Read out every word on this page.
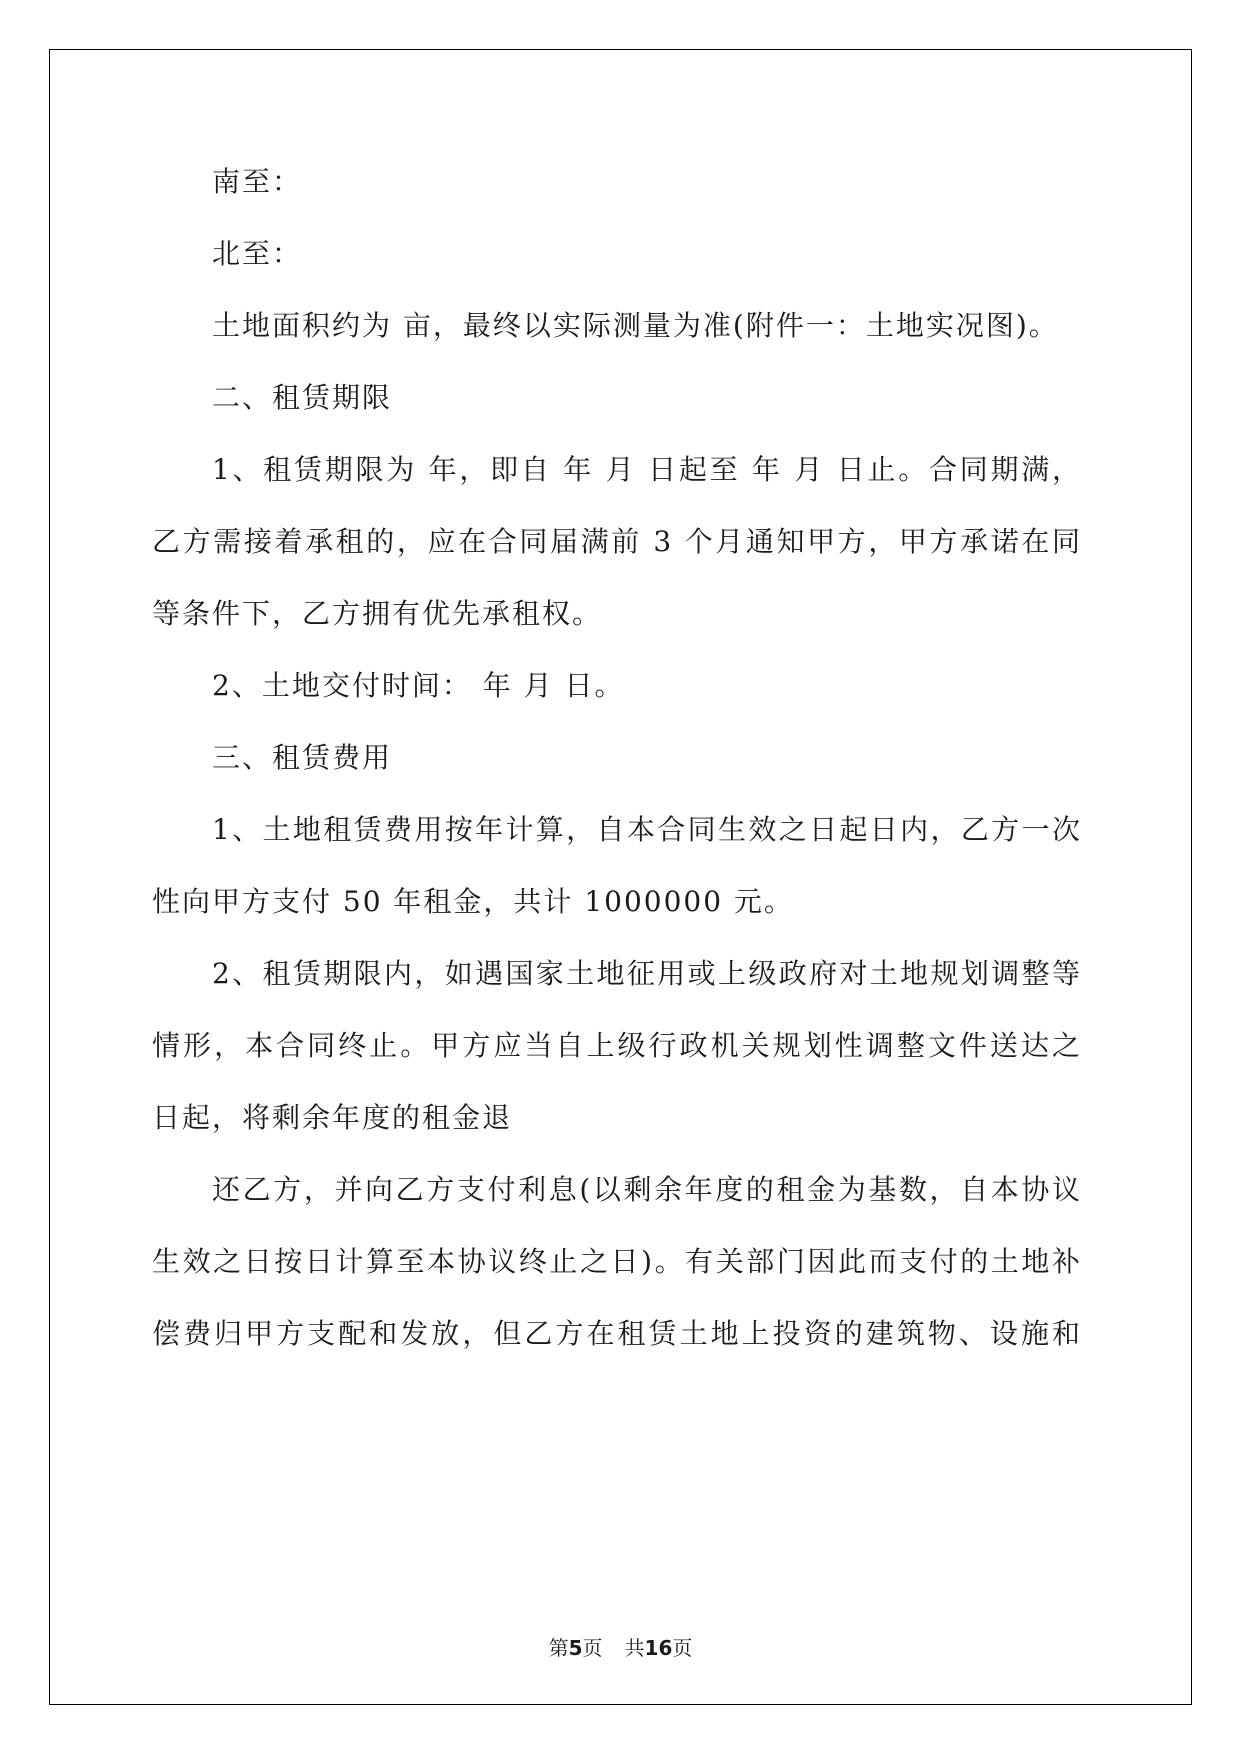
南至：
北至：
土地面积约为 亩，最终以实际测量为准(附件一：土地实况图)。
二、租赁期限
1、租赁期限为 年，即自 年 月 日起至 年 月 日止。合同期满，
乙方需接着承租的，应在合同届满前 3 个月通知甲方，甲方承诺在同
等条件下，乙方拥有优先承租权。
2、土地交付时间： 年 月 日。
三、租赁费用
1、土地租赁费用按年计算，自本合同生效之日起日内，乙方一次
性向甲方支付 50 年租金，共计 1000000 元。
2、租赁期限内，如遇国家土地征用或上级政府对土地规划调整等
情形，本合同终止。甲方应当自上级行政机关规划性调整文件送达之
日起，将剩余年度的租金退
还乙方，并向乙方支付利息(以剩余年度的租金为基数，自本协议
生效之日按日计算至本协议终止之日)。有关部门因此而支付的土地补
偿费归甲方支配和发放，但乙方在租赁土地上投资的建筑物、设施和
第5页 共16页
